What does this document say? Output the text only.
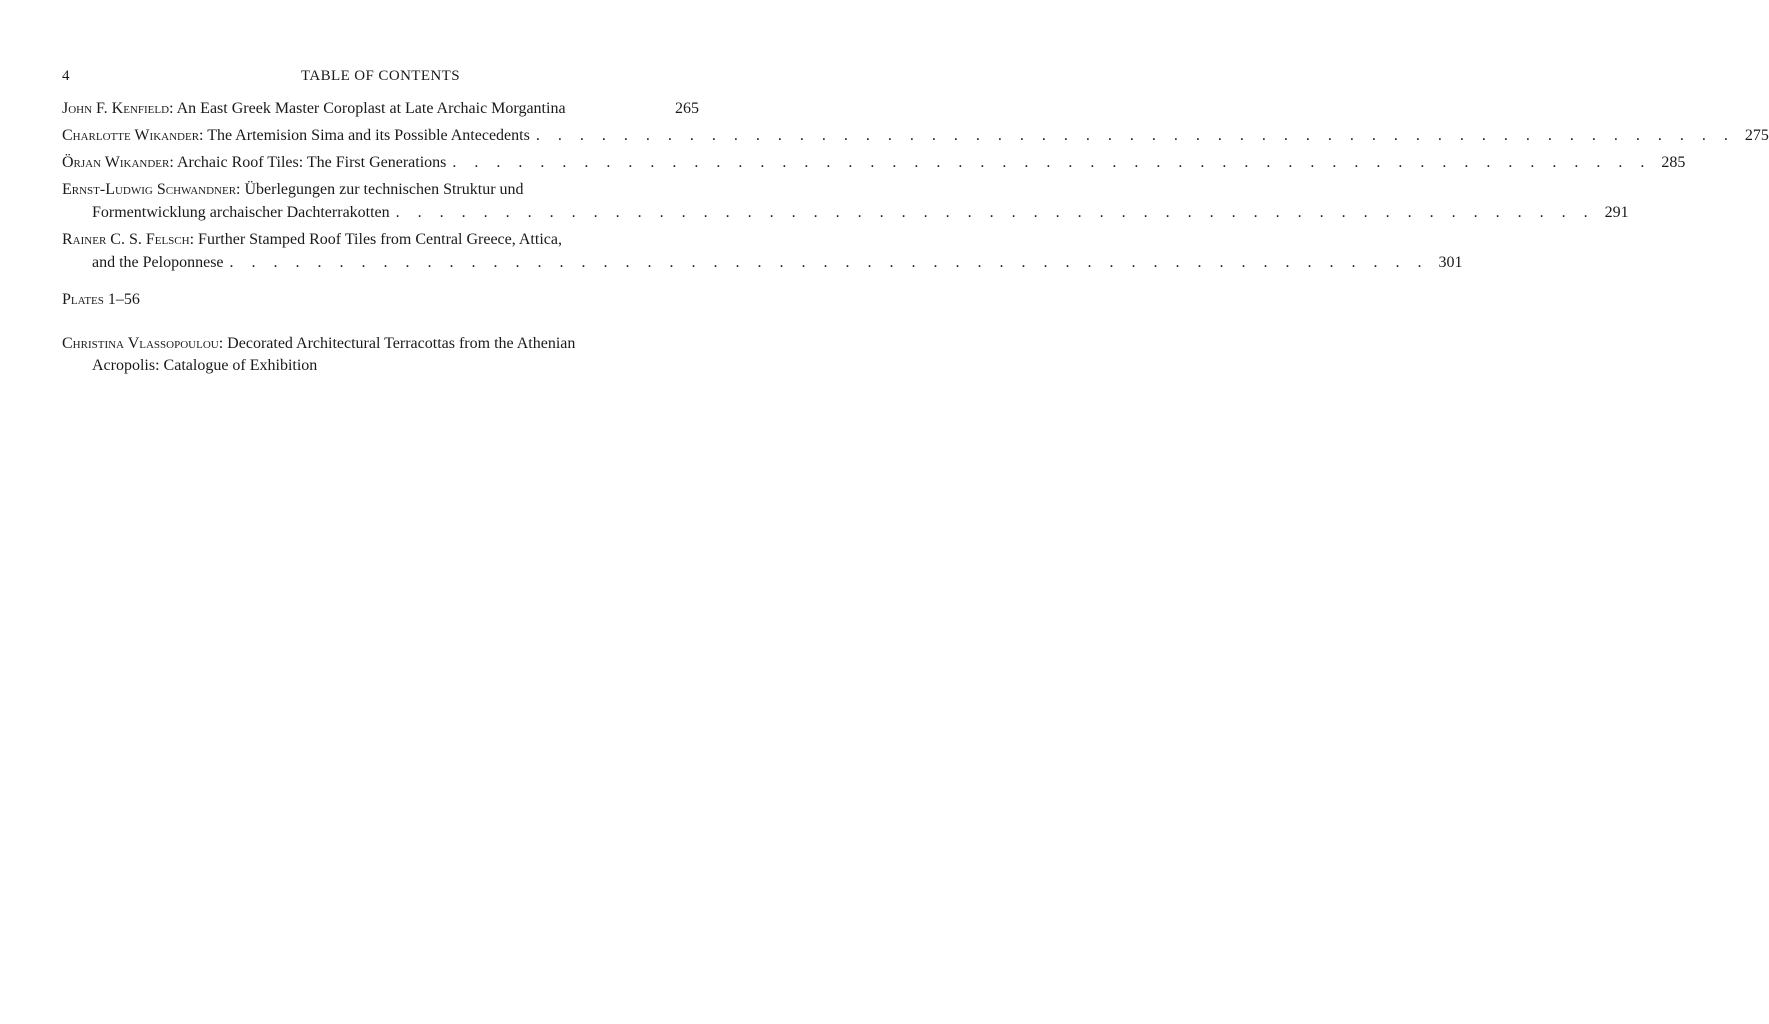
4	TABLE OF CONTENTS
John F. Kenfield: An East Greek Master Coroplast at Late Archaic Morgantina	265
Charlotte Wikander: The Artemision Sima and its Possible Antecedents . . . . . . . . . . . . . . . . . . . . . . . . . . . . . . . . . . . . . . . . . . . . . . . . . . . . . . . 275
Örjan Wikander: Archaic Roof Tiles: The First Generations . . . . . . . . . . . . . . . . . . . . . . . . . . . . . . . . . . . . . . . . . . . . . . . . . . . . . . . 285
Ernst-Ludwig Schwandner: Überlegungen zur technischen Struktur und
Formentwicklung archaischer Dachterrakotten . . . . . . . . . . . . . . . . . . . . . . . . . . . . . . . . . . . . . . . . . . . . . . . . . . . . . . . 291
Rainer C. S. Felsch: Further Stamped Roof Tiles from Central Greece, Attica,
and the Peloponnese . . . . . . . . . . . . . . . . . . . . . . . . . . . . . . . . . . . . . . . . . . . . . . . . . . . . . . . 301
Plates 1–56
Christina Vlassopoulou: Decorated Architectural Terracottas from the Athenian
Acropolis: Catalogue of Exhibition
